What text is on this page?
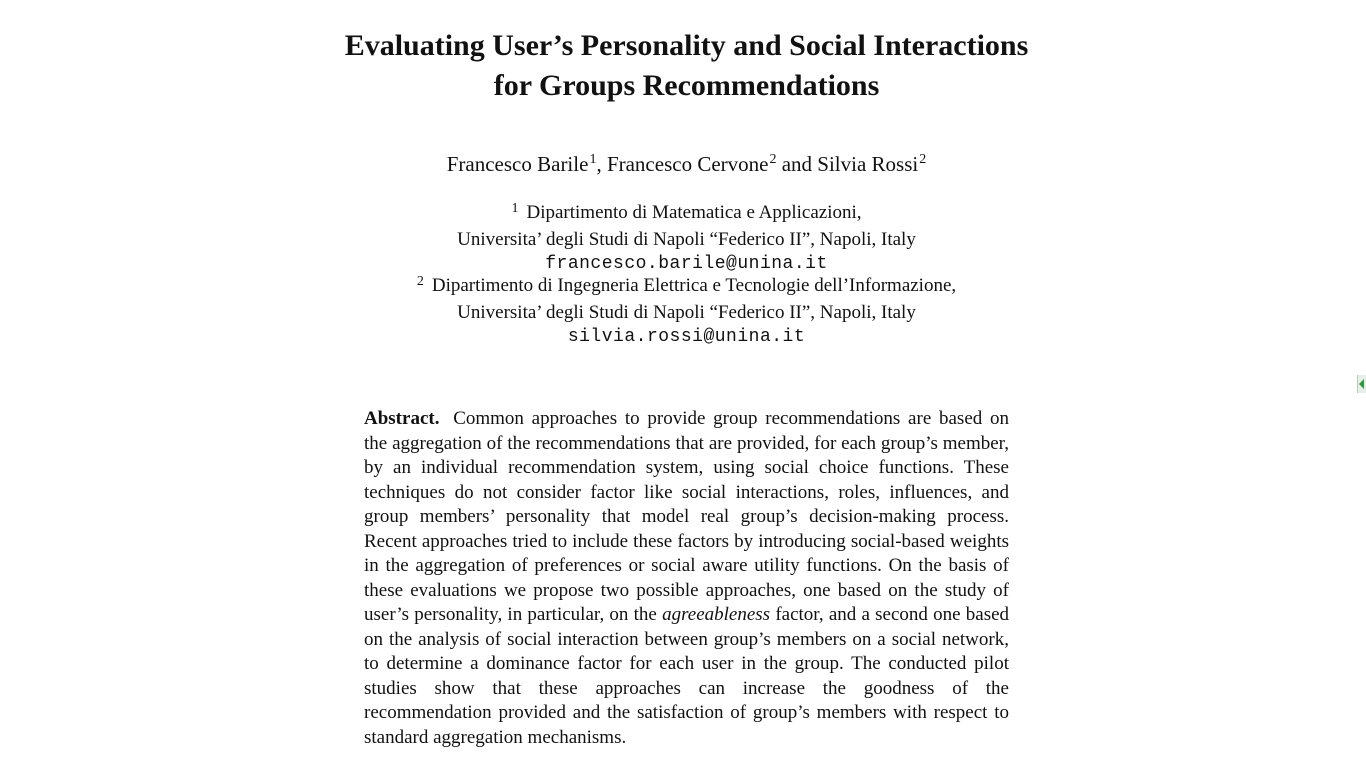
Evaluating User’s Personality and Social Interactions
for Groups Recommendations
Francesco Barile$^1$, Francesco Cervone$^2$ and Silvia Rossi$^2$
$^1$ Dipartimento di Matematica e Applicazioni,
Universita’ degli Studi di Napoli “Federico II”, Napoli, Italy
francesco.barile@unina.it
$^2$ Dipartimento di Ingegneria Elettrica e Tecnologie dell’Informazione,
Universita’ degli Studi di Napoli “Federico II”, Napoli, Italy
silvia.rossi@unina.it
Abstract. Common approaches to provide group recommendations are based on the aggregation of the recommendations that are provided, for each group’s member, by an individual recommendation system, using social choice functions. These techniques do not consider factor like social interactions, roles, influences, and group members’ personality that model real group’s decision-making process. Recent approaches tried to include these factors by introducing social-based weights in the aggregation of preferences or social aware utility functions. On the basis of these evaluations we propose two possible approaches, one based on the study of user’s personality, in particular, on the agreeableness factor, and a second one based on the analysis of social interaction between group’s members on a social network, to determine a dominance factor for each user in the group. The conducted pilot studies show that these approaches can increase the goodness of the recommendation provided and the satisfaction of group’s members with respect to standard aggregation mechanisms.
